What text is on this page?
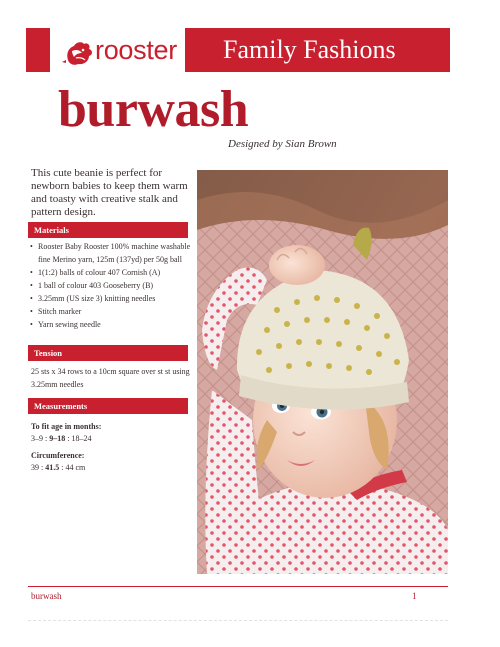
rooster Family Fashions
burwash
Designed by Sian Brown

This cute beanie is perfect for newborn babies to keep them warm and toasty with creative stalk and pattern design.

Materials
• Rooster Baby Rooster 100% machine washable fine Merino yarn, 125m (137yd) per 50g ball
• 1(1:2) balls of colour 407 Cornish (A)
• 1 ball of colour 403 Gooseberry (B)
• 3.25mm (US size 3) knitting needles
• Stitch marker
• Yarn sewing needle
Tension

25 sts x 34 rows to a 10cm square over st st using 3.25mm needles

Measurements
To fit age in months:
3–9 : 9–18 : 18–24
Circumference:
39 : 41.5 : 44 cm
burwash	1
